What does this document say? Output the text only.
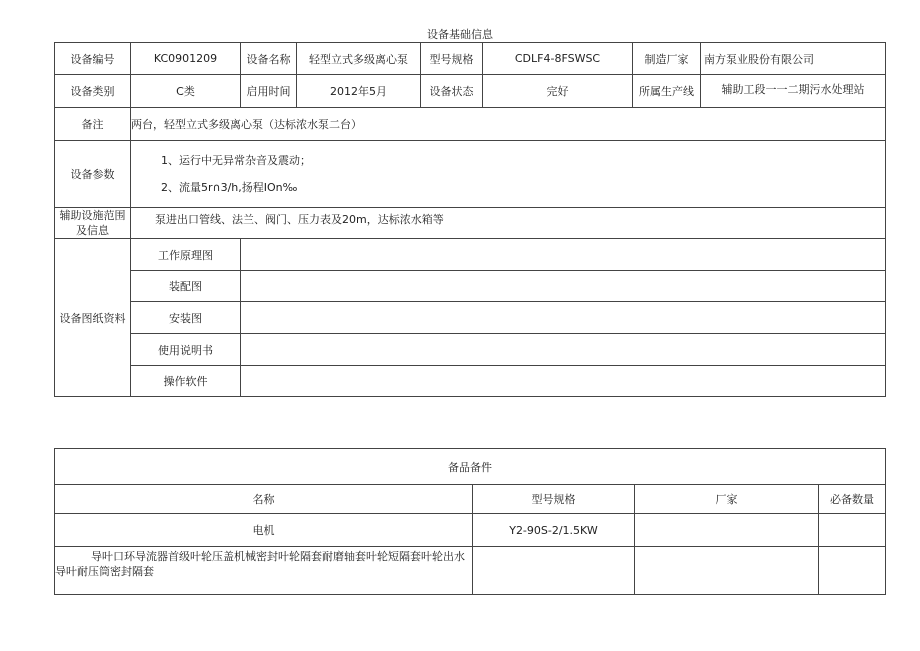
设备基础信息
设备编号	KC0901209	设备名称	轻型立式多级离心泵	型号规格	CDLF4-8FSWSC	制造厂家	南方泵业股份有限公司
设备类别	C类	启用时间	2012年5月	设备状态	完好	所属生产线	辅助工段一一二期污水处理站
备注	两台，轻型立式多级离心泵（达标浓水泵二台）						
设备参数	1、运行中无异常杂音及震动；
2、流量5r∩3∕h,扬程IOn‰						

辅助设施范围及信息	泵进出口管线、法兰、阀门、压力表及20m，达标浓水箱等						
设备图纸资料	工作原理图						
	装配图						
	安装图						
	使用说明书						
	操作软件						
备品备件			
名称	型号规格	厂家	必备数量
电机	Y2-90S-2/1.5KW		
导叶口环导流器首级叶轮压盖机械密封叶轮隔套耐磨轴套叶轮短隔套叶轮出水导叶耐压筒密封隔套			
